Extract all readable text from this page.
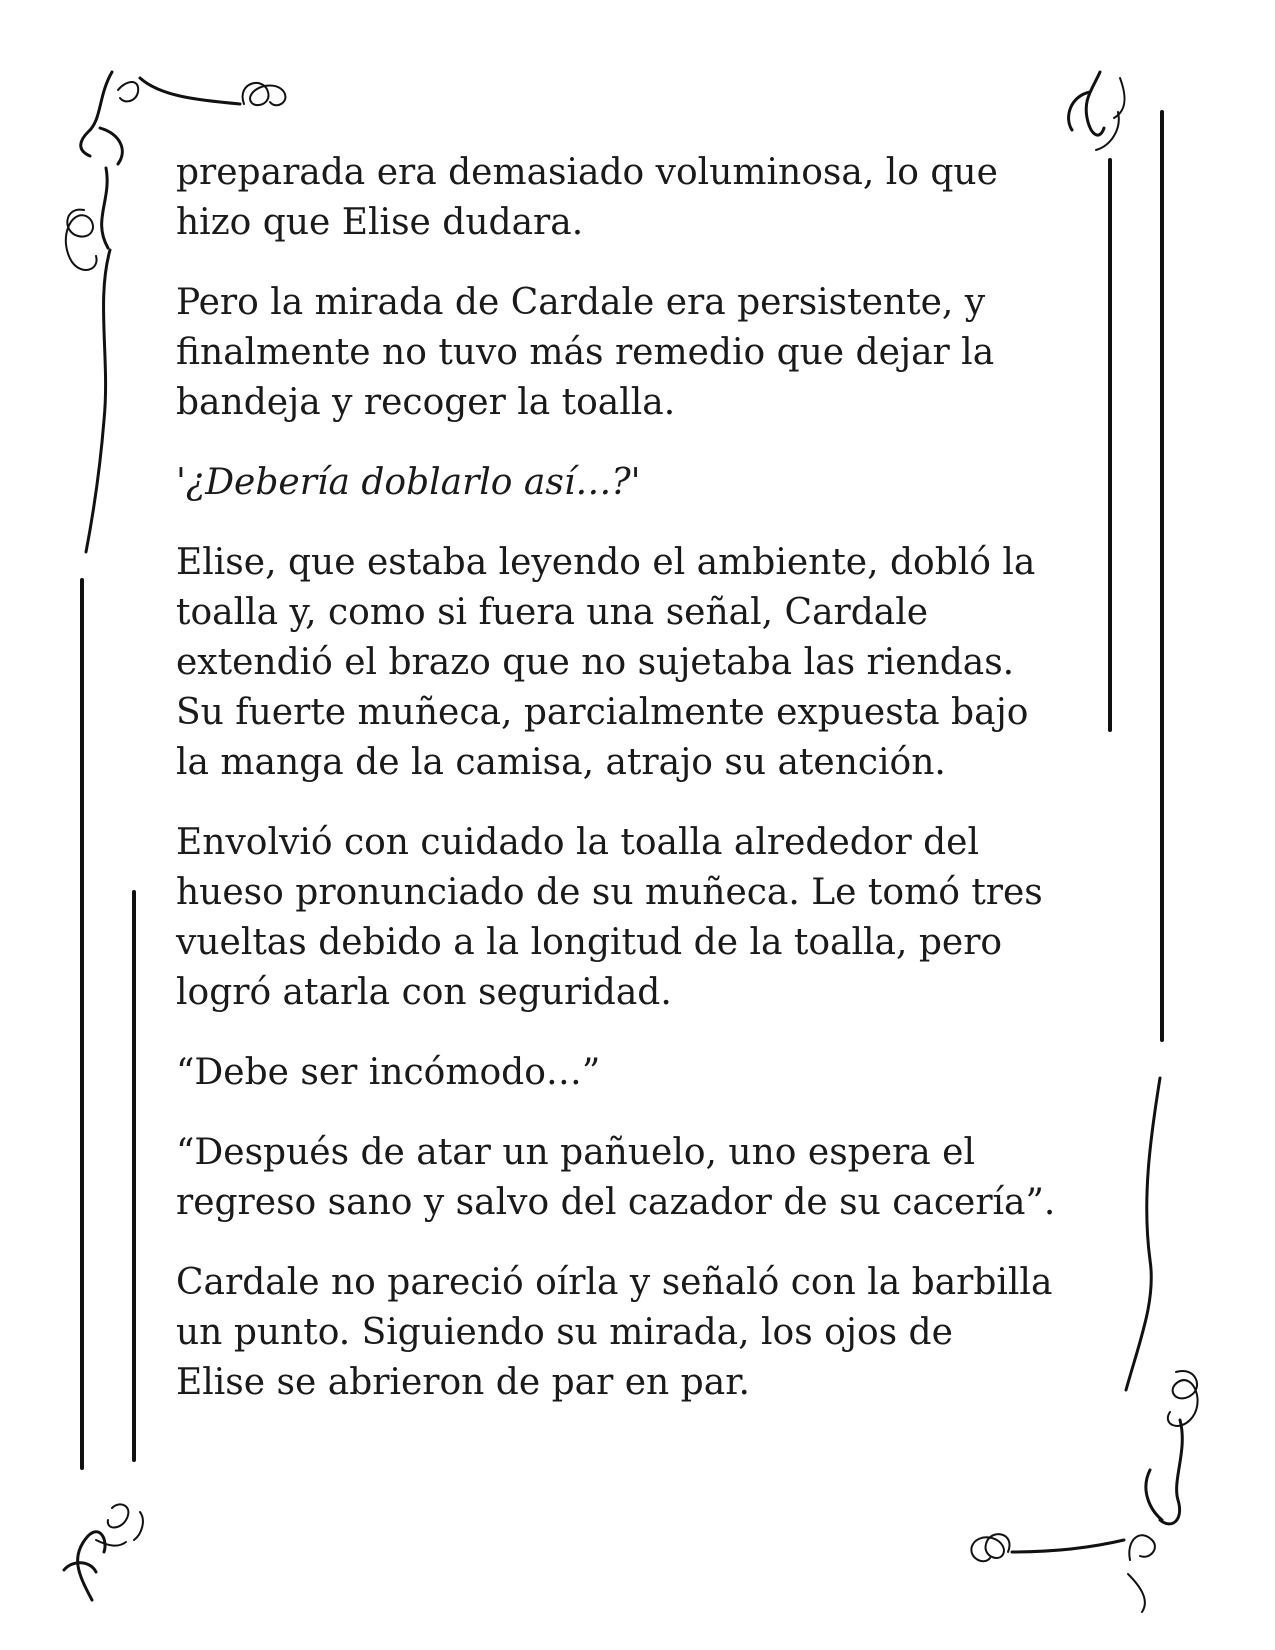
preparada era demasiado voluminosa, lo que
hizo que Elise dudara.

Pero la mirada de Cardale era persistente, y
finalmente no tuvo más remedio que dejar la
bandeja y recoger la toalla.

'¿Debería doblarlo así…?'

Elise, que estaba leyendo el ambiente, dobló la
toalla y, como si fuera una señal, Cardale
extendió el brazo que no sujetaba las riendas.
Su fuerte muñeca, parcialmente expuesta bajo
la manga de la camisa, atrajo su atención.

Envolvió con cuidado la toalla alrededor del
hueso pronunciado de su muñeca. Le tomó tres
vueltas debido a la longitud de la toalla, pero
logró atarla con seguridad.

“Debe ser incómodo…”

“Después de atar un pañuelo, uno espera el
regreso sano y salvo del cazador de su cacería”.

Cardale no pareció oírla y señaló con la barbilla
un punto. Siguiendo su mirada, los ojos de
Elise se abrieron de par en par.
